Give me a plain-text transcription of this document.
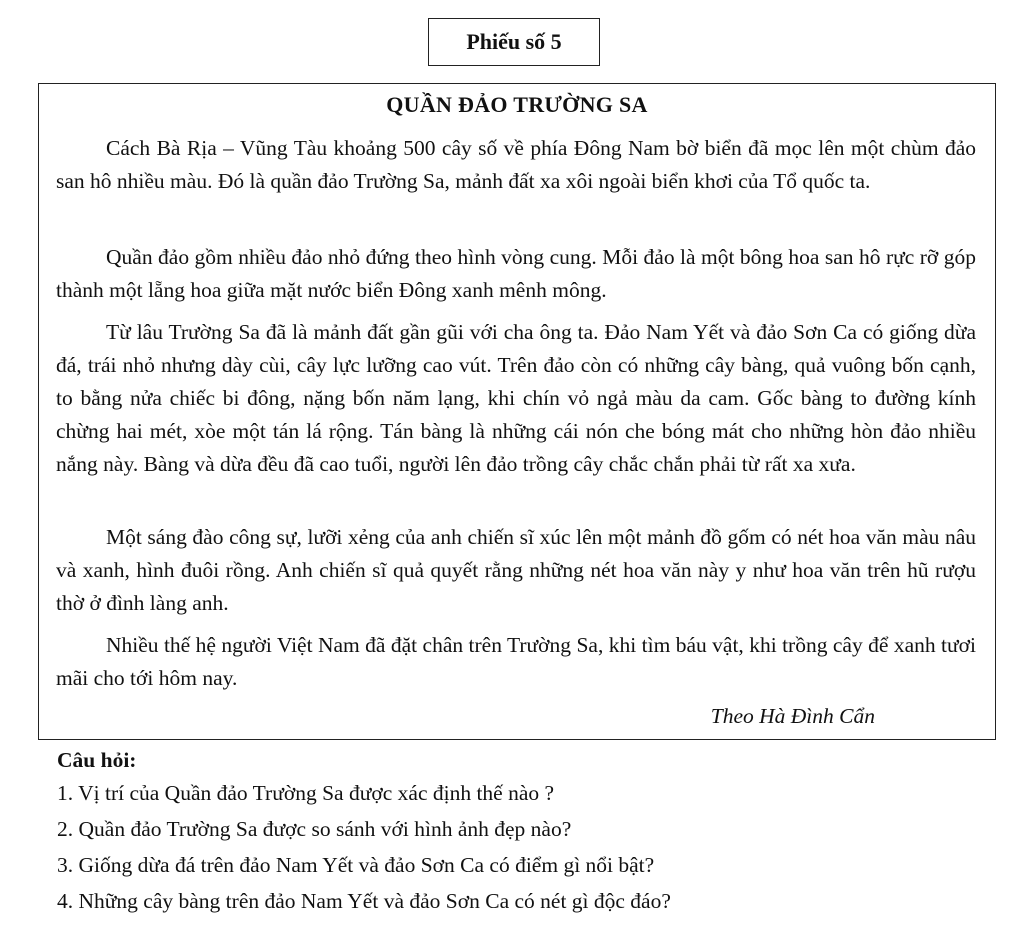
Phiếu số 5
QUẦN ĐẢO TRƯỜNG SA

Cách Bà Rịa – Vũng Tàu khoảng 500 cây số về phía Đông Nam bờ biển đã mọc lên một chùm đảo san hô nhiều màu. Đó là quần đảo Trường Sa, mảnh đất xa xôi ngoài biển khơi của Tổ quốc ta.

Quần đảo gồm nhiều đảo nhỏ đứng theo hình vòng cung. Mỗi đảo là một bông hoa san hô rực rỡ góp thành một lẵng hoa giữa mặt nước biển Đông xanh mênh mông.

Từ lâu Trường Sa đã là mảnh đất gần gũi với cha ông ta. Đảo Nam Yết và đảo Sơn Ca có giống dừa đá, trái nhỏ nhưng dày cùi, cây lực lưỡng cao vút. Trên đảo còn có những cây bàng, quả vuông bốn cạnh, to bằng nửa chiếc bi đông, nặng bốn năm lạng, khi chín vỏ ngả màu da cam. Gốc bàng to đường kính chừng hai mét, xòe một tán lá rộng. Tán bàng là những cái nón che bóng mát cho những hòn đảo nhiều nắng này. Bàng và dừa đều đã cao tuổi, người lên đảo trồng cây chắc chắn phải từ rất xa xưa.

Một sáng đào công sự, lưỡi xẻng của anh chiến sĩ xúc lên một mảnh đồ gốm có nét hoa văn màu nâu và xanh, hình đuôi rồng. Anh chiến sĩ quả quyết rằng những nét hoa văn này y như hoa văn trên hũ rượu thờ ở đình làng anh.

Nhiều thế hệ người Việt Nam đã đặt chân trên Trường Sa, khi tìm báu vật, khi trồng cây để xanh tươi mãi cho tới hôm nay.

Theo Hà Đình Cẩn

Câu hỏi:

1. Vị trí của Quần đảo Trường Sa được xác định thế nào ?

2. Quần đảo Trường Sa được so sánh với hình ảnh đẹp nào?

3. Giống dừa đá trên đảo Nam Yết và đảo Sơn Ca có điểm gì nổi bật?

4. Những cây bàng trên đảo Nam Yết và đảo Sơn Ca có nét gì độc đáo?
